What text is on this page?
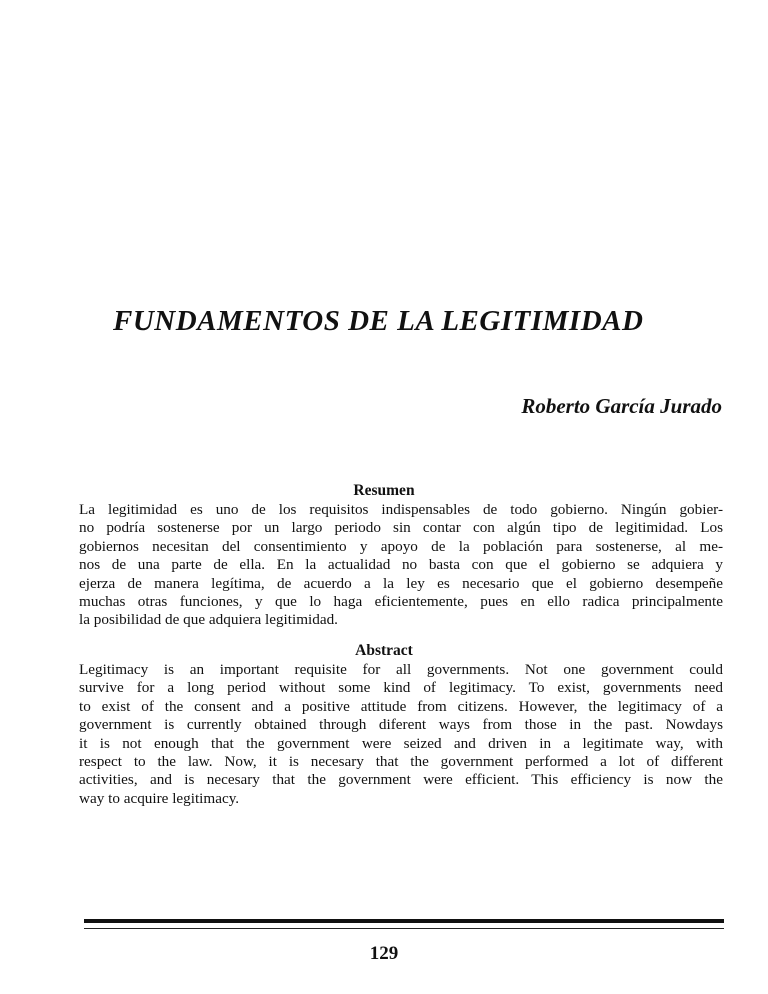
FUNDAMENTOS DE LA LEGITIMIDAD

Roberto García Jurado

Resumen
La legitimidad es uno de los requisitos indispensables de todo gobierno. Ningún gobier-
no podría sostenerse por un largo periodo sin contar con algún tipo de legitimidad. Los
gobiernos necesitan del consentimiento y apoyo de la población para sostenerse, al me-
nos de una parte de ella. En la actualidad no basta con que el gobierno se adquiera y
ejerza de manera legítima, de acuerdo a la ley es necesario que el gobierno desempeñe
muchas otras funciones, y que lo haga eficientemente, pues en ello radica principalmente
la posibilidad de que adquiera legitimidad.
Abstract
Legitimacy is an important requisite for all governments. Not one government could
survive for a long period without some kind of legitimacy. To exist, governments need
to exist of the consent and a positive attitude from citizens. However, the legitimacy of a
government is currently obtained through diferent ways from those in the past. Nowdays
it is not enough that the government were seized and driven in a legitimate way, with
respect to the law. Now, it is necesary that the government performed a lot of different
activities, and is necesary that the government were efficient. This efficiency is now the
way to acquire legitimacy.

129
